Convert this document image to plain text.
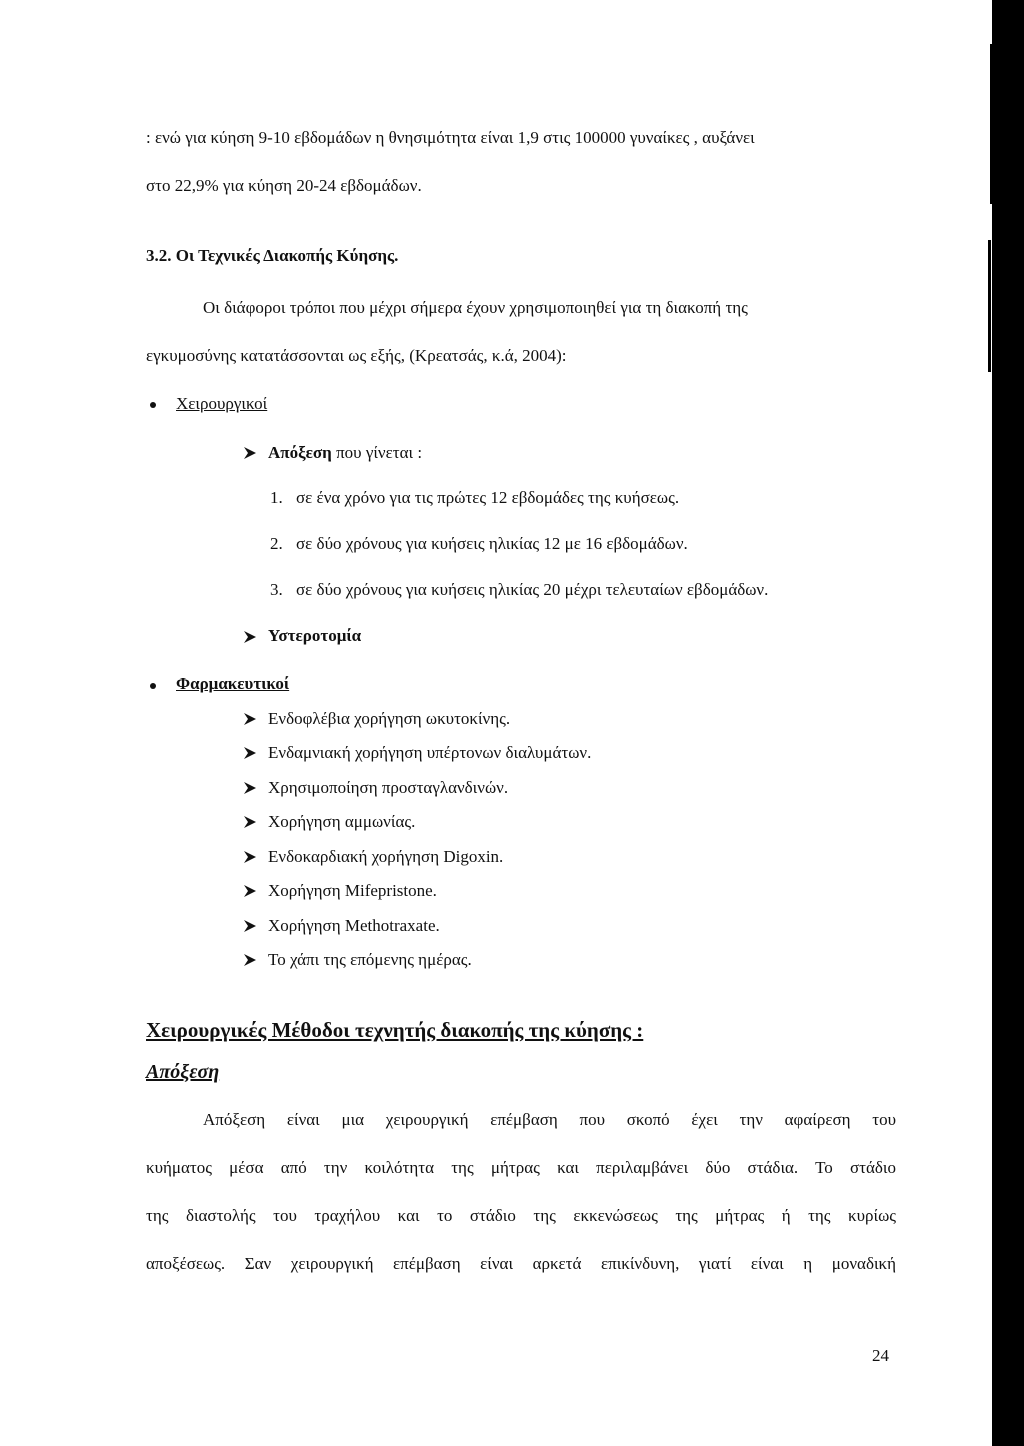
: ενώ για κύηση 9-10 εβδομάδων η θνησιμότητα είναι 1,9 στις 100000 γυναίκες , αυξάνει
στο 22,9% για κύηση 20-24 εβδομάδων.
3.2. Οι Τεχνικές Διακοπής Κύησης.
Οι διάφοροι τρόποι που μέχρι σήμερα έχουν χρησιμοποιηθεί για τη διακοπή της
εγκυμοσύνης κατατάσσονται ως εξής, (Κρεατσάς, κ.ά, 2004):
Χειρουργικοί
Απόξεση που γίνεται :
1. σε ένα χρόνο για τις πρώτες 12 εβδομάδες της κυήσεως.
2. σε δύο χρόνους για κυήσεις ηλικίας 12 με 16 εβδομάδων.
3. σε δύο χρόνους για κυήσεις ηλικίας 20 μέχρι τελευταίων εβδομάδων.
Υστεροτομία
Φαρμακευτικοί
Ενδοφλέβια χορήγηση ωκυτοκίνης.
Ενδαμνιακή χορήγηση υπέρτονων διαλυμάτων.
Χρησιμοποίηση προσταγλανδινών.
Χορήγηση αμμωνίας.
Ενδοκαρδιακή χορήγηση Digoxin.
Χορήγηση Mifepristone.
Χορήγηση Methotraxate.
Το χάπι της επόμενης ημέρας.
Χειρουργικές Μέθοδοι τεχνητής διακοπής της κύησης :
Απόξεση
Απόξεση είναι μια χειρουργική επέμβαση που σκοπό έχει την αφαίρεση του
κυήματος μέσα από την κοιλότητα της μήτρας και περιλαμβάνει δύο στάδια. Το στάδιο
της διαστολής του τραχήλου και το στάδιο της εκκενώσεως της μήτρας ή της κυρίως
αποξέσεως. Σαν χειρουργική επέμβαση είναι αρκετά επικίνδυνη, γιατί είναι η μοναδική
24
